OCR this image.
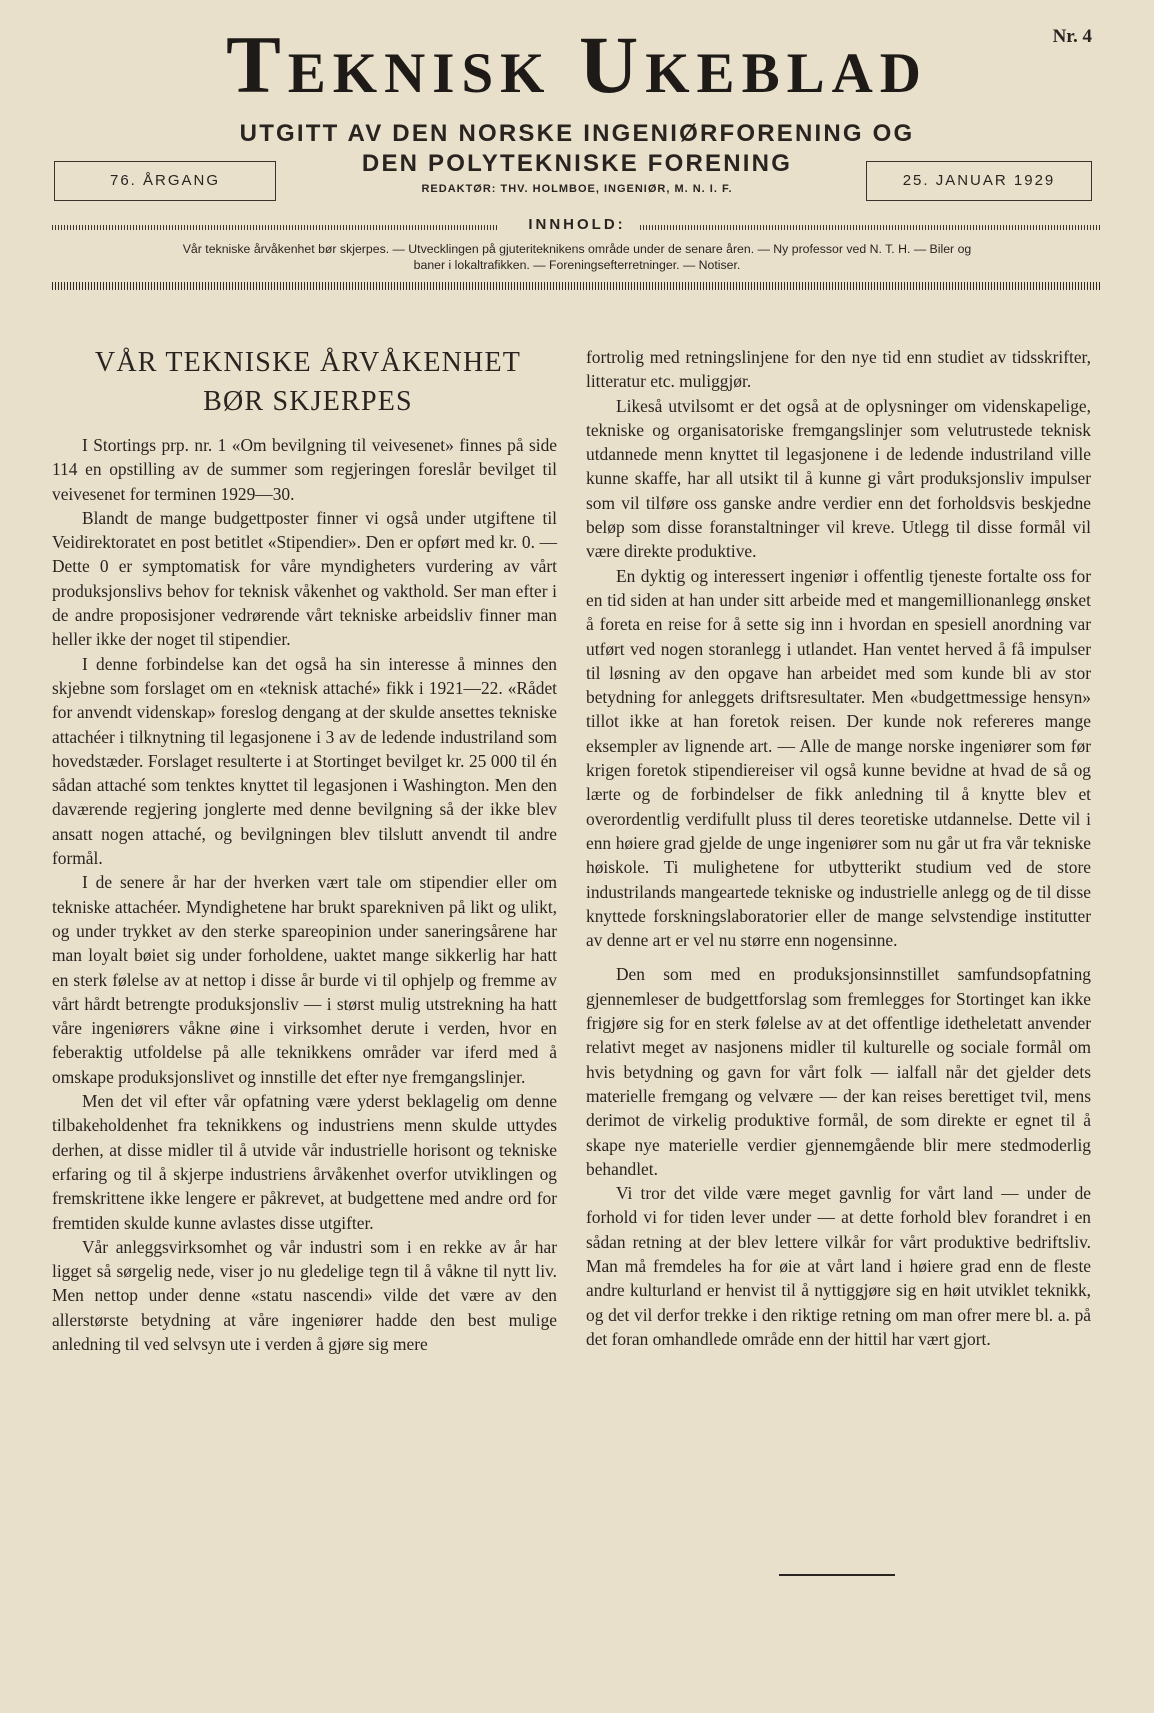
Teknisk Ukeblad	Nr. 4
UTGITT AV DEN NORSKE INGENIØRFORENING OG
DEN POLYTEKNISKE FORENING
REDAKTØR: THV. HOLMBOE, INGENIØR, M. N. I. F.
76. ÅRGANG	25. JANUAR 1929
INNHOLD:
Vår tekniske årvåkenhet bør skjerpes. — Utvecklingen på gjuteriteknikens område under de senare åren. — Ny professor ved N. T. H. — Biler og
baner i lokaltrafikken. — Foreningsefterretninger. — Notiser.
VÅR TEKNISKE ÅRVÅKENHET
BØR SKJERPES

I Stortings prp. nr. 1 «Om bevilgning til veivesenet» finnes på side 114 en opstilling av de summer som regjeringen foreslår bevilget til veivesenet for terminen 1929—30.

Blandt de mange budgettposter finner vi også under utgiftene til Veidirektoratet en post betitlet «Stipendier». Den er opført med kr. 0. — Dette 0 er symptomatisk for våre myndigheters vurdering av vårt produksjonslivs behov for teknisk våkenhet og vakthold. Ser man efter i de andre proposisjoner vedrørende vårt tekniske arbeidsliv finner man heller ikke der noget til stipendier.

I denne forbindelse kan det også ha sin interesse å minnes den skjebne som forslaget om en «teknisk attaché» fikk i 1921—22. «Rådet for anvendt videnskap» foreslog dengang at der skulde ansettes tekniske attachéer i tilknytning til legasjonene i 3 av de ledende industriland som hovedstæder. Forslaget resulterte i at Stortinget bevilget kr. 25 000 til én sådan attaché som tenktes knyttet til legasjonen i Washington. Men den daværende regjering jonglerte med denne bevilgning så der ikke blev ansatt nogen attaché, og bevilgningen blev tilslutt anvendt til andre formål.

I de senere år har der hverken vært tale om stipendier eller om tekniske attachéer. Myndighetene har brukt sparekniven på likt og ulikt, og under trykket av den sterke spareopinion under saneringsårene har man loyalt bøiet sig under forholdene, uaktet mange sikkerlig har hatt en sterk følelse av at nettop i disse år burde vi til ophjelp og fremme av vårt hårdt betrengte produksjonsliv — i størst mulig utstrekning ha hatt våre ingeniørers våkne øine i virksomhet derute i verden, hvor en feberaktig utfoldelse på alle teknikkens områder var iferd med å omskape produksjonslivet og innstille det efter nye fremgangslinjer.

Men det vil efter vår opfatning være yderst beklagelig om denne tilbakeholdenhet fra teknikkens og industriens menn skulde uttydes derhen, at disse midler til å utvide vår industrielle horisont og tekniske erfaring og til å skjerpe industriens årvåkenhet overfor utviklingen og fremskrittene ikke lengere er påkrevet, at budgettene med andre ord for fremtiden skulde kunne avlastes disse utgifter.

Vår anleggsvirksomhet og vår industri som i en rekke av år har ligget så sørgelig nede, viser jo nu gledelige tegn til å våkne til nytt liv. Men nettop under denne «statu nascendi» vilde det være av den allerstørste betydning at våre ingeniører hadde den best mulige anledning til ved selvsyn ute i verden å gjøre sig mere

fortrolig med retningslinjene for den nye tid enn studiet av tidsskrifter, litteratur etc. muliggjør.

Likeså utvilsomt er det også at de oplysninger om videnskapelige, tekniske og organisatoriske fremgangslinjer som velutrustede teknisk utdannede menn knyttet til legasjonene i de ledende industriland ville kunne skaffe, har all utsikt til å kunne gi vårt produksjonsliv impulser som vil tilføre oss ganske andre verdier enn det forholdsvis beskjedne beløp som disse foranstaltninger vil kreve. Utlegg til disse formål vil være direkte produktive.

En dyktig og interessert ingeniør i offentlig tjeneste fortalte oss for en tid siden at han under sitt arbeide med et mangemillionanlegg ønsket å foreta en reise for å sette sig inn i hvordan en spesiell anordning var utført ved nogen storanlegg i utlandet. Han ventet herved å få impulser til løsning av den opgave han arbeidet med som kunde bli av stor betydning for anleggets driftsresultater. Men «budgettmessige hensyn» tillot ikke at han foretok reisen. Der kunde nok refereres mange eksempler av lignende art. — Alle de mange norske ingeniører som før krigen foretok stipendiereiser vil også kunne bevidne at hvad de så og lærte og de forbindelser de fikk anledning til å knytte blev et overordentlig verdifullt pluss til deres teoretiske utdannelse. Dette vil i enn høiere grad gjelde de unge ingeniører som nu går ut fra vår tekniske høiskole. Ti mulighetene for utbytterikt studium ved de store industrilands mangeartede tekniske og industrielle anlegg og de til disse knyttede forskningslaboratorier eller de mange selvstendige institutter av denne art er vel nu større enn nogensinne.

Den som med en produksjonsinnstillet samfundsopfatning gjennemleser de budgettforslag som fremlegges for Stortinget kan ikke frigjøre sig for en sterk følelse av at det offentlige idetheletatt anvender relativt meget av nasjonens midler til kulturelle og sociale formål om hvis betydning og gavn for vårt folk — ialfall når det gjelder dets materielle fremgang og velvære — der kan reises berettiget tvil, mens derimot de virkelig produktive formål, de som direkte er egnet til å skape nye materielle verdier gjennemgående blir mere stedmoderlig behandlet.

Vi tror det vilde være meget gavnlig for vårt land — under de forhold vi for tiden lever under — at dette forhold blev forandret i en sådan retning at der blev lettere vilkår for vårt produktive bedriftsliv. Man må fremdeles ha for øie at vårt land i høiere grad enn de fleste andre kulturland er henvist til å nyttiggjøre sig en høit utviklet teknikk, og det vil derfor trekke i den riktige retning om man ofrer mere bl. a. på det foran omhandlede område enn der hittil har vært gjort.
